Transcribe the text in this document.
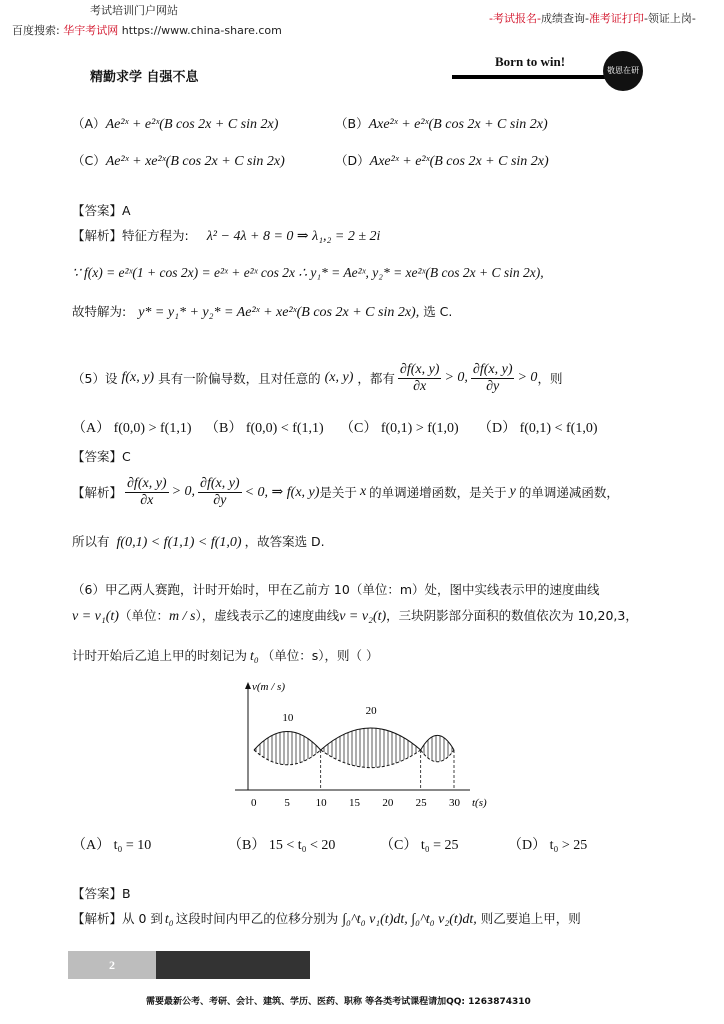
考试培训门户网站
百度搜索: 华宇考试网 https://www.china-share.com
-考试报名-成绩查询-准考证打印-领证上岗-
精勤求学 自强不息
Born to win!
敬恩在研
（A）Ae²ˣ + e²ˣ(B cos 2x + C sin 2x)	（B）Axe²ˣ + e²ˣ(B cos 2x + C sin 2x)
（C）Ae²ˣ + xe²ˣ(B cos 2x + C sin 2x)	（D）Axe²ˣ + e²ˣ(B cos 2x + C sin 2x)
【答案】A
【解析】特征方程为: λ² − 4λ + 8 = 0 ⇒ λ₁,₂ = 2 ± 2i
∵ f(x) = e²ˣ(1 + cos 2x) = e²ˣ + e²ˣ cos 2x ∴ y₁* = Ae²ˣ, y₂* = xe²ˣ(B cos 2x + C sin 2x),
故特解为: y* = y₁* + y₂* = Ae²ˣ + xe²ˣ(B cos 2x + C sin 2x), 选 C.
（5）设 f(x, y) 具有一阶偏导数，且对任意的 (x, y) ，都有
∂f(x, y)
∂x
> 0,
∂f(x, y)
∂y
> 0 ，则
（A） f(0,0) > f(1,1) （B） f(0,0) < f(1,1) （C） f(0,1) > f(1,0) （D） f(0,1) < f(1,0)
【答案】C
【解析】
∂f(x, y)
∂x
> 0,
∂f(x, y)
∂y
< 0, ⇒ f(x, y) 是关于 x 的单调递增函数，是关于 y 的单调递减函数，
所以有 f(0,1) < f(1,1) < f(1,0) ，故答案选 D.
（6）甲乙两人赛跑，计时开始时，甲在乙前方 10（单位：m）处，图中实线表示甲的速度曲线
v = v₁(t)（单位：m / s），虚线表示乙的速度曲线v = v₂(t)，三块阴影部分面积的数值依次为 10,20,3，
计时开始后乙追上甲的时刻记为 t₀ （单位：s），则（ ）
v(m / s)
t(s)
10
20
0	5 10 15 20 25 30
（A） t₀ = 10	（B） 15 < t₀ < 20	（C） t₀ = 25	（D） t₀ > 25
【答案】B
【解析】从 0 到 t₀ 这段时间内甲乙的位移分别为 ∫₀^t₀ v₁(t)dt, ∫₀^t₀ v₂(t)dt, 则乙要追上甲，则
2
需要最新公考、考研、会计、建筑、学历、医药、职称 等各类考试课程请加QQ: 1263874310
